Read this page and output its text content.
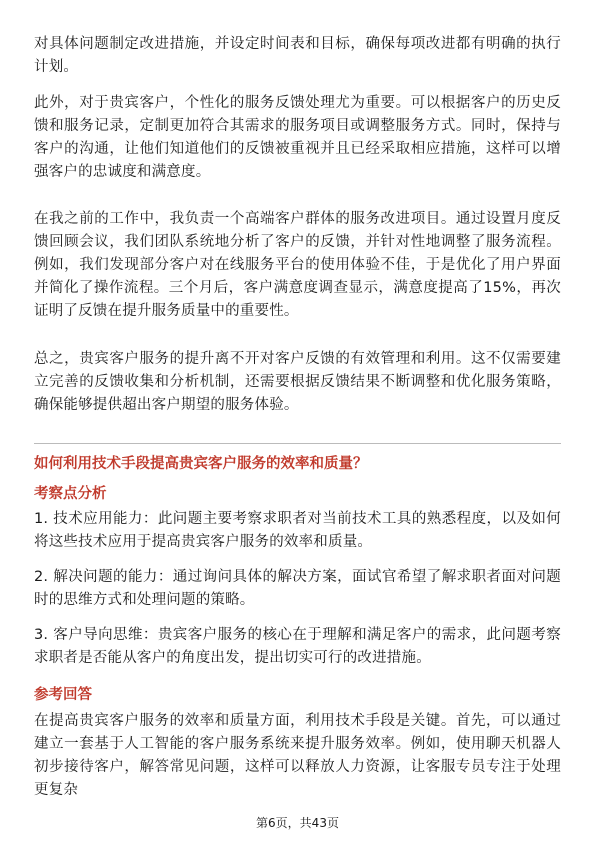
对具体问题制定改进措施，并设定时间表和目标，确保每项改进都有明确的执行计划。

此外，对于贵宾客户，个性化的服务反馈处理尤为重要。可以根据客户的历史反馈和服务记录，定制更加符合其需求的服务项目或调整服务方式。同时，保持与客户的沟通，让他们知道他们的反馈被重视并且已经采取相应措施，这样可以增强客户的忠诚度和满意度。

在我之前的工作中，我负责一个高端客户群体的服务改进项目。通过设置月度反馈回顾会议，我们团队系统地分析了客户的反馈，并针对性地调整了服务流程。例如，我们发现部分客户对在线服务平台的使用体验不佳，于是优化了用户界面并简化了操作流程。三个月后，客户满意度调查显示，满意度提高了15%，再次证明了反馈在提升服务质量中的重要性。

总之，贵宾客户服务的提升离不开对客户反馈的有效管理和利用。这不仅需要建立完善的反馈收集和分析机制，还需要根据反馈结果不断调整和优化服务策略，确保能够提供超出客户期望的服务体验。

如何利用技术手段提高贵宾客户服务的效率和质量？
考察点分析

1. 技术应用能力：此问题主要考察求职者对当前技术工具的熟悉程度，以及如何将这些技术应用于提高贵宾客户服务的效率和质量。

2. 解决问题的能力：通过询问具体的解决方案，面试官希望了解求职者面对问题时的思维方式和处理问题的策略。

3. 客户导向思维：贵宾客户服务的核心在于理解和满足客户的需求，此问题考察求职者是否能从客户的角度出发，提出切实可行的改进措施。

参考回答

在提高贵宾客户服务的效率和质量方面，利用技术手段是关键。首先，可以通过建立一套基于人工智能的客户服务系统来提升服务效率。例如，使用聊天机器人初步接待客户，解答常见问题，这样可以释放人力资源，让客服专员专注于处理更复杂

第6页，共43页
